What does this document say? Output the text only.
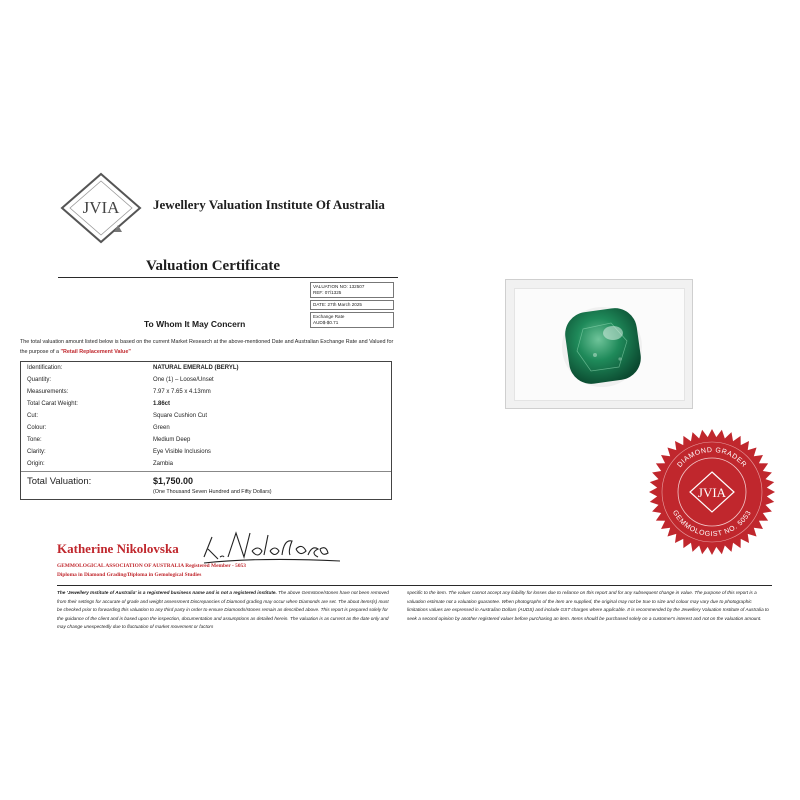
JVIA	Jewellery Valuation Institute Of Australia
Valuation Certificate
VALUATION NO: 132507
REF: 07/1325
DATE: 27th March 2025
Exchange Rate
AUD$-$0.71
To Whom It May Concern
The total valuation amount listed below is based on the current Market Research at the above-mentioned Date and Australian Exchange Rate and Valued for the purpose of a "Retail Replacement Value"
Identification:	NATURAL EMERALD (BERYL)
Quantity:	One (1) – Loose/Unset
Measurements:	7.97 x 7.65 x 4.13mm
Total Carat Weight:	1.86ct
Cut:	Square Cushion Cut
Colour:	Green
Tone:	Medium Deep
Clarity:	Eye Visible Inclusions
Origin:	Zambia
Total Valuation:	$1,750.00
(One Thousand Seven Hundred and Fifty Dollars)
DIAMOND GRADER
GEMMOLOGIST NO. 5053
JVIA
Katherine Nikolovska
GEMMOLOGICAL ASSOCIATION OF AUSTRALIA Registered Member - 5053
Diploma in Diamond Grading/Diploma in Gemological Studies
The 'Jewellery Institute of Australia' is a registered business name and is not a registered institute. The above Gemstone/stones have not been removed from their settings for accurate of grade and weight assessment Discrepancies of Diamond grading may occur when Diamonds are set. The about items(s) must be checked prior to forwarding this valuation to any third party in order to ensure Diamonds/stones remain as described above. This report is prepared solely for the guidance of the client and is based upon the inspection, documentation and assumptions as detailed herein. The valuation is as current as the date only and may change unexpectedly due to fluctuation of market movement or factors
specific to the item. The valuer cannot accept any liability for losses due to reliance on this report and for any subsequent change in value. The purpose of this report is a valuation estimate not a valuation guarantee. When photographs of the item are supplied, the original may not be true to size and colour may vary due to photographic limitations values are expressed in Australian Dollars (AUDS) and include GST charges where applicable. It is recommended by the Jewellery Valuation Institute of Australia to seek a second opinion by another registered valuer before purchasing an item. Items should be purchased solely on a customer's interest and not on the valuation amount.
